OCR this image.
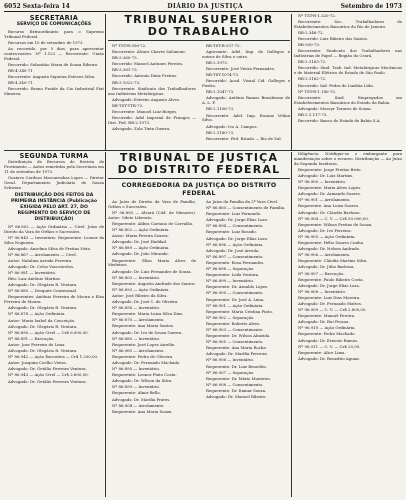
6052 Sexta-feira 14	DIÁRIO DA JUSTIÇA	Setembro de 1973
SECRETARIA
SERVIÇO DE COMUNICAÇÕES

Recurso Extraordinário para o Supremo Tribunal Federal.

Recursos em 10 de setembro de 1973.

Ao recorrido, por 5 dias, para apresentar contra-razões. Nº 1.123 — Recorrente: União Federal.

Recorrido: Sebastião Maria de Souza Ribeiro.

RR-4-340-71

Recorrente: Augusta Siqueira Esteves Silva.

RR-4.340-71.

Recorrido: Bruno Fraide da Cia Industrial Fiat Minerva.

TRIBUNAL SUPERIOR
DO TRABALHO

Nº TST-R-356-72.

Recorrente: Álvaro Chaves Salomoni.

RR-3.360-73.

Recorrido: Manoel Antunes Pereira.

RR-3.361-73.

Recorrido: Antonio Diniz Freitas.

RR-3.1022-73.

Recorrente: Sindicato dos Trabalhadores nas Indústrias Metalúrgicas.

Advogado: Estevão Augusto Alves.

RR-TST-TTR-73.

Recorrente: Manoel Luiz Borges.

Recorrido: Adel Imperial de Frangos — Dist. Fed. RR-2.1973.

Advogado: Zola Tinta Guerra.

RR-TST-R-337-72.

Agravante: Adel. Imp. de Gallegos e outros de Silva e outro.

RR-2.1973.

Recorrente: José Vieira Fernandes.

RR-TST-1074-73.

Recorrido: Acad. Visual Cid. Gallegos e Piedro.

RR-2.1047-73.

Advogado: Antônio Ramos Brasiliense de A. L. F.

RR-2.1106-73.

Recorrente: Adel. Imp. Rosane Velina Silva.

Advogado: Ivo A. Campos.

RR-2.1180-73.

Recorrente: Fed. Estado — Rio de Sul.

Nº TST-R-1.320-72.

Recorrente: Soc. Trabalhadores de Estabelecimentos Bancários do Rio de Janeiro.

RR-2.346-72.

Recorrido: Luiz Ribeiro dos Santos.

RR-390-73.

Recorrente: Sindicato dos Trabalhadores nas Indústrias de Papel — Região do Ceará.

RR-2.1163-72.

Recorrido: Sind. Trab. Ind. Metalúrgicas Mecânicas e de Material Elétrico do Estado de São Paulo.

RR-2.1162-72.

Recorrido: Ind. Pedra de Lindóia Ltda.

Nº TST-R-1.180-73.

Recorrente: Sind. Empregados em Estabelecimentos Bancários do Estado da Bahia.

Advogado: Moacyr Tavares de Souza.

RR-2.1.117-73.

Recorrido: Banco do Estado de Bahia S.A.

SEGUNDA TURMA

Distribuição de Recursos de Revista de Provimento — Autos remetidos pela Secretaria em 11 de setembro de 1973.

Gustavo Cardozo Mascarenhas Lopes — Diretor Geral. Departamento Judiciário de Souza Schwarz.

DISTRIBUIÇÃO DOS FEITOS DA PRIMEIRA INSTÂNCIA (Publicação EXIGIDA PELO ART. 27, DO REGIMENTO DO SERVIÇO DE DISTRIBUIÇÃO)

Nº 86.802 — Ação Ordinária — Cível. Juízo de Direito da Vara de Órfãos e Sucessões.

Nº 96.843 — Inventário. Requerente: Leonor da Silva Nogueira.

Advogado: Anselmo Silva de Freitas Neto.

Nº 86.867 — Arrolamento — Cível.

Autor: Natalina Arruda Ferreira.

Advogado: Dr. Celso Vasconcelos.

Nº 86.981 — Inventário.

Réu: Luiz Antônio Martins.

Advogado: Dr. Olegário R. Ventura.

Nº 86.889 — Desquite Consensual.

Requerentes: Antônio Ferreira de Moura e Elza Ferreira de Moura.

Advogado: Dr. Olegário R. Ventura.

Nº 86.878 — Ação Ordinária.

Autor: Maria Izabel da Conceição.

Advogado: Dr. Olegário R. Ventura.

Nº 86.890 — Ação Cível — Cr$ 6.000,00.

Nº 86.891 — Execução.

Autor: Jose Ferreira de Lima.

Advogado: Dr. Olegário R. Ventura.

Nº 86.942 — Ação Executiva — Cr$ 1.200,00.

Autor: Joaquim Coelho Vieira.

Advogado: Dr. Getúlio Ferreira Ventura.

Nº 86.943 — Ação Cível — Cr$ 2.600,00.

Advogado: Dr. Getúlio Ferreira Ventura.

TRIBUNAL DE JUSTIÇA
DO DISTRITO FEDERAL
CORREGEDORIA DA JUSTIÇA DO DISTRITO
FEDERAL

Ao Juízo de Direito da Vara de Família, Órfãos e Sucessões.

Nº 96.893 — Alvará (Cód. de Menores). Autor: Odete Liberato.

Requerente: Aldira Caetano de Carvalho.

Nº 86.802 — Ação Ordinária.

Autor: Maria Pereira Soares.

Advogado: Dr. José Haddad.

Nº 86.889 — Ação Ordinária.

Advogado: Dr. João Miranda.

Requerente: Elisa Maria Alves de Medeiros.

Advogado: Dr. Luiz Fernandes de Souza.

Nº 86.803 — Inventário.

Requerente: Augusto Andrade dos Santos.

Nº 86.893 — Ação Ordinária.

Autor: José Ribeiro da Silva.

Advogado: Dr. José C. de Oliveira.

Nº 86.858 — Inventário.

Requerente: Maria Luiza Silva Dias.

Nº 86.870 — Arrolamento.

Requerente: Ana Maria Santos.

Advogado: Dr. Ivo de Souza Guerra.

Nº 86.889 — Inventário.

Requerente: José Lopes Aurélio.

Nº 86.960 — Arrolamento.

Requerente: Pedro de Oliveira.

Advogado: Dr. Fernando Machado.

Nº 86.895 — Inventário.

Requerente: Leonor Pinto Costa.

Advogado: Dr. Wilson da Silva.

Nº 86.899 — Inventário.

Requerente: Almir Bello.

Advogado: Dr. Marília Prates.

Nº 86.904 — Arrolamento.

Requerente: Ana Maria Souza.

Ao Juízo da Família da 2ª Vara Cível.

Nº 86.860 — Consentimento de Família.

Requerente: Luiz Fernando.

Advogado: Dr. Jorge Elias Lara.

Nº 86.894 — Consentimento.

Requerente: Luiz Rosado.

Advogado: Dr. Jorge Elias Lara.

Nº 86.896 — Ação Ordinária.

Advogado: Dr. José Arruda.

Nº 86.897 — Consentimento.

Requerente: Rosa Fernandes.

Nº 86.898 — Separação.

Requerente: Leila Ventura.

Nº 86.899 — Inventário.

Requerente: Dr. Arnaldo Lopes.

Nº 86.900 — Consentimento.

Requerente: Dr. José A. Lima.

Nº 86.901 — Ação Ordinária.

Requerente: Maria Cristina Pinto.

Nº 86.902 — Separação.

Requerente: Roberto Alves.

Nº 86.903 — Consentimento.

Requerente: Dr. Wilson Almeida.

Nº 86.905 — Consentimento.

Requerente: Ana Maria Rocha.

Advogado: Dr. Marília Ferreira.

Nº 86.906 — Inventário.

Requerente: Dr. Luiz Benedito.

Nº 86.907 — Separação.

Requerente: Dr. Mário Monteiro.

Nº 86.908 — Consentimento.

Requerente: Dr. Itamar Souza.

Advogado: Dr. Manoel Ribeiro.

Diligência: Notifique-se o embargante para manifestação sobre o recurso. Distribuição — Ao Juízo da Segunda Instância.

Requerente: Jorge Freitas Brito.

Advogado: Dr. Luiz Martins.

Nº 96.900 — Inventário.

Requerente: Maria Alves Lopes.

Advogado: Dr. Armando Soares.

Nº 96.901 — Arrolamento.

Requerente: Ana Luiza Soares.

Advogado: Dr. Cláudio Barbosa.

Nº 96.904 — C. V. — Cr$ 50.000,00.

Requerente: Wilson Freitas de Souza.

Advogado: Dr. Ivo Ferreira.

Nº 96.905 — Ação Ordinária.

Requerente: Hélio Soares Cunha.

Advogado: Dr. Nelson Andrade.

Nº 96.906 — Arrolamento.

Requerente: Cláudia Martins Silva.

Advogado: Dr. Júlio Barbosa.

Nº 96.907 — Execução.

Requerente: Paulo Ribeiro Costa.

Advogado: Dr. Jorge Elias Lara.

Nº 96.908 — Inventário.

Requerente: Luiz Dias Moreira.

Advogado: Dr. Fernando Mattos.

Nº 96.909 — C. V. — Cr$ 2.800,00.

Requerente: Manuel Pereira.

Advogado: Dr. Rui Pessoa.

Nº 96.910 — Ação Ordinária.

Requerente: Pedro Machado.

Advogado: Dr. Ernesto Ramos.

Nº 96.911 — C. V. — Cr$ 25,00.

Requerente: Alice Lima.

Advogado: Dr. Benedito Aguiar.
